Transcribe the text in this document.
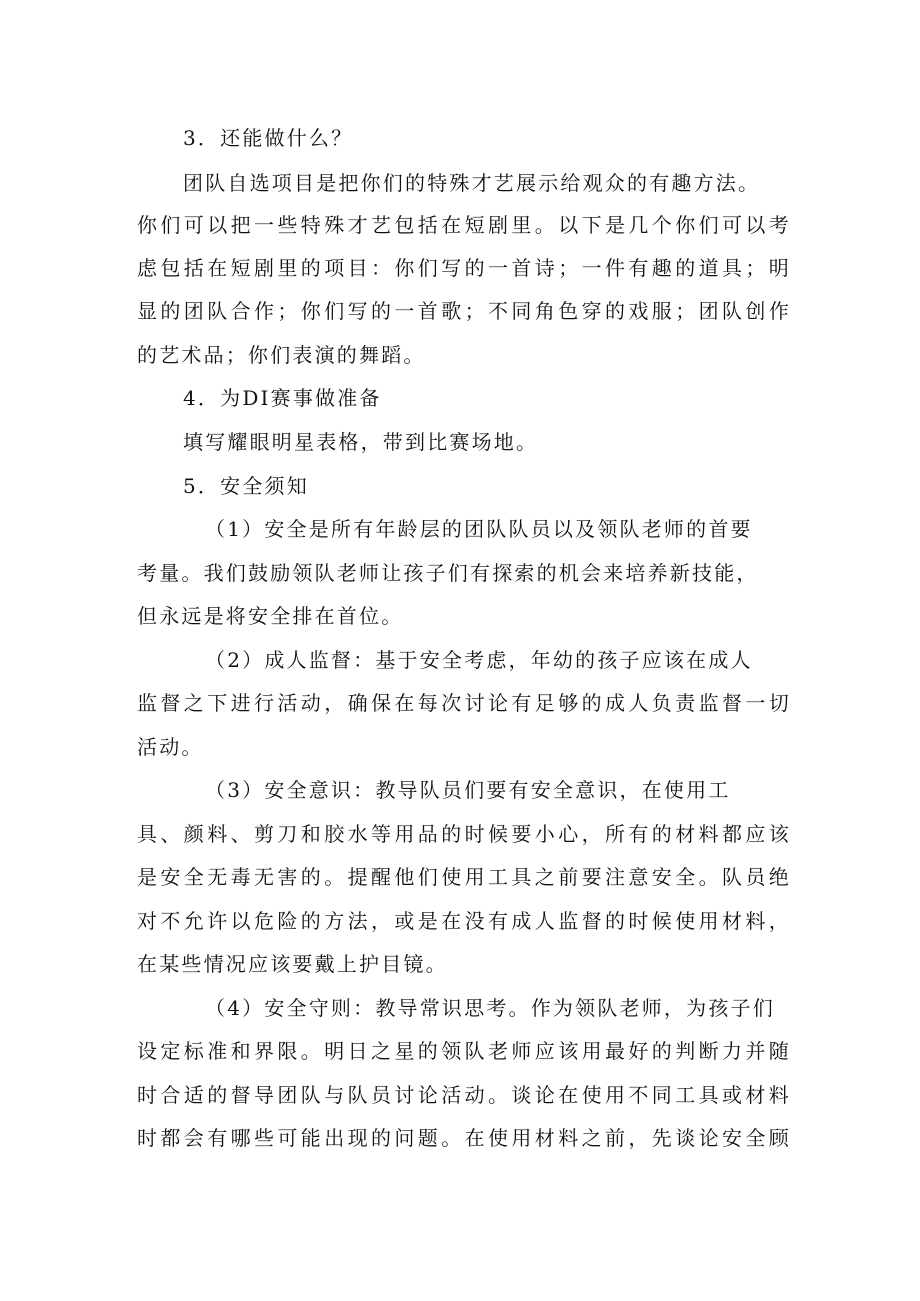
3．还能做什么？
团队自选项目是把你们的特殊才艺展示给观众的有趣方法。
你们可以把一些特殊才艺包括在短剧里。以下是几个你们可以考
虑包括在短剧里的项目：你们写的一首诗；一件有趣的道具；明
显的团队合作；你们写的一首歌；不同角色穿的戏服；团队创作
的艺术品；你们表演的舞蹈。
4．为DI赛事做准备
填写耀眼明星表格，带到比赛场地。
5．安全须知
（1）安全是所有年龄层的团队队员以及领队老师的首要
考量。我们鼓励领队老师让孩子们有探索的机会来培养新技能，
但永远是将安全排在首位。
（2）成人监督：基于安全考虑，年幼的孩子应该在成人
监督之下进行活动，确保在每次讨论有足够的成人负责监督一切
活动。
（3）安全意识：教导队员们要有安全意识，在使用工
具、颜料、剪刀和胶水等用品的时候要小心，所有的材料都应该
是安全无毒无害的。提醒他们使用工具之前要注意安全。队员绝
对不允许以危险的方法，或是在没有成人监督的时候使用材料，
在某些情况应该要戴上护目镜。
（4）安全守则：教导常识思考。作为领队老师，为孩子们
设定标准和界限。明日之星的领队老师应该用最好的判断力并随
时合适的督导团队与队员讨论活动。谈论在使用不同工具或材料
时都会有哪些可能出现的问题。在使用材料之前，先谈论安全顾
